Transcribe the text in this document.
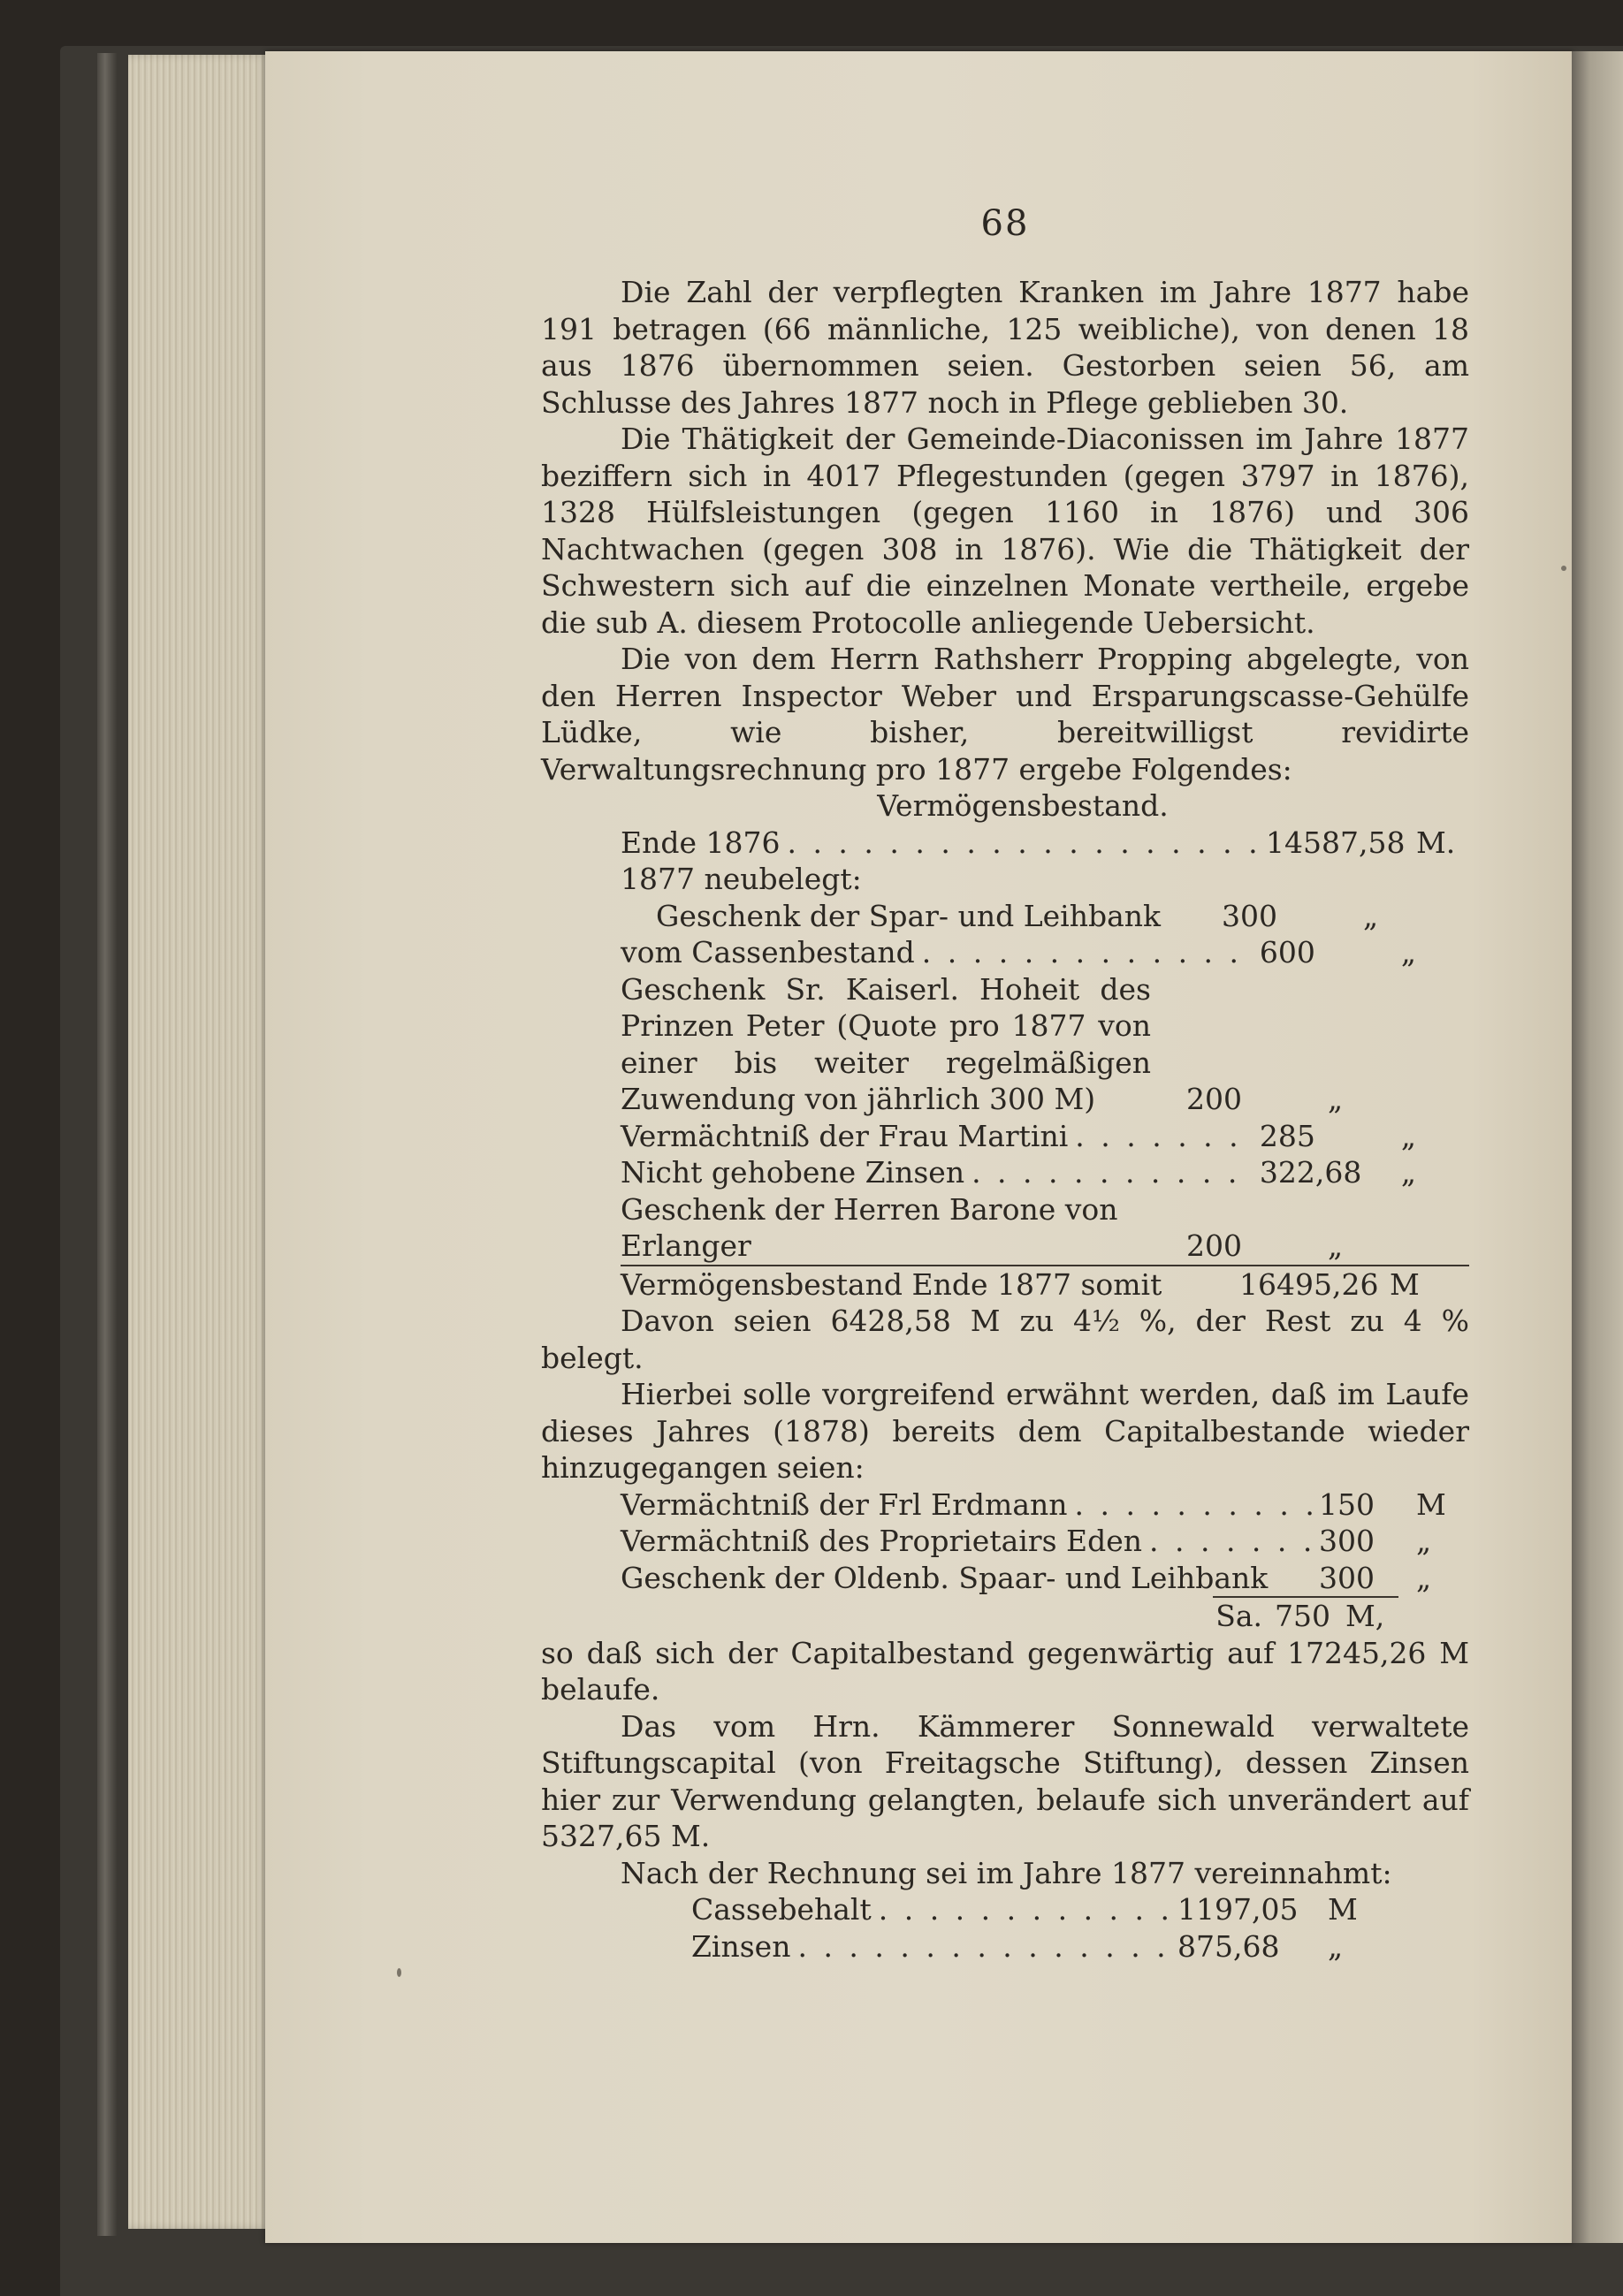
68

Die Zahl der verpflegten Kranken im Jahre 1877 habe 191 betragen (66 männliche, 125 weibliche), von denen 18 aus 1876 übernommen seien. Gestorben seien 56, am Schlusse des Jahres 1877 noch in Pflege geblieben 30.

Die Thätigkeit der Gemeinde-Diaconissen im Jahre 1877 beziffern sich in 4017 Pflegestunden (gegen 3797 in 1876), 1328 Hülfsleistungen (gegen 1160 in 1876) und 306 Nachtwachen (gegen 308 in 1876). Wie die Thätigkeit der Schwestern sich auf die einzelnen Monate vertheile, ergebe die sub A. diesem Protocolle anliegende Uebersicht.

Die von dem Herrn Rathsherr Propping abgelegte, von den Herren Inspector Weber und Ersparungscasse-Gehülfe Lüdke, wie bisher, bereitwilligst revidirte Verwaltungsrechnung pro 1877 ergebe Folgendes:

Vermögensbestand.

Ende 1876 . . .	14587,58 M.
1877 neubelegt:
Geschenk der Spar- und Leihbank	300	„
vom Cassenbestand . . .	600	„
Geschenk Sr. Kaiserl. Hoheit des Prinzen Peter (Quote pro 1877 von einer bis weiter regelmäßigen Zuwendung von jährlich 300 M)	200	„
Vermächtniß der Frau Martini . . .	285	„
Nicht gehobene Zinsen . . .	322,68	„
Geschenk der Herren Barone von Erlanger	200	„
Vermögensbestand Ende 1877 somit	16495,26 M

Davon seien 6428,58 M zu 4½ %, der Rest zu 4 % belegt.

Hierbei solle vorgreifend erwähnt werden, daß im Laufe dieses Jahres (1878) bereits dem Capitalbestande wieder hinzugegangen seien:

Vermächtniß der Frl Erdmann . . .	150	M
Vermächtniß des Proprietairs Eden . . .	300	„
Geschenk der Oldenb. Spaar- und Leihbank 300	„
Sa. 750 M,

so daß sich der Capitalbestand gegenwärtig auf 17245,26 M belaufe.

Das vom Hrn. Kämmerer Sonnewald verwaltete Stiftungscapital (von Freitagsche Stiftung), dessen Zinsen hier zur Verwendung gelangten, belaufe sich unverändert auf 5327,65 M.

Nach der Rechnung sei im Jahre 1877 vereinnahmt:

Cassebehalt . . .	1197,05	M
Zinsen . . .	875,68	„
